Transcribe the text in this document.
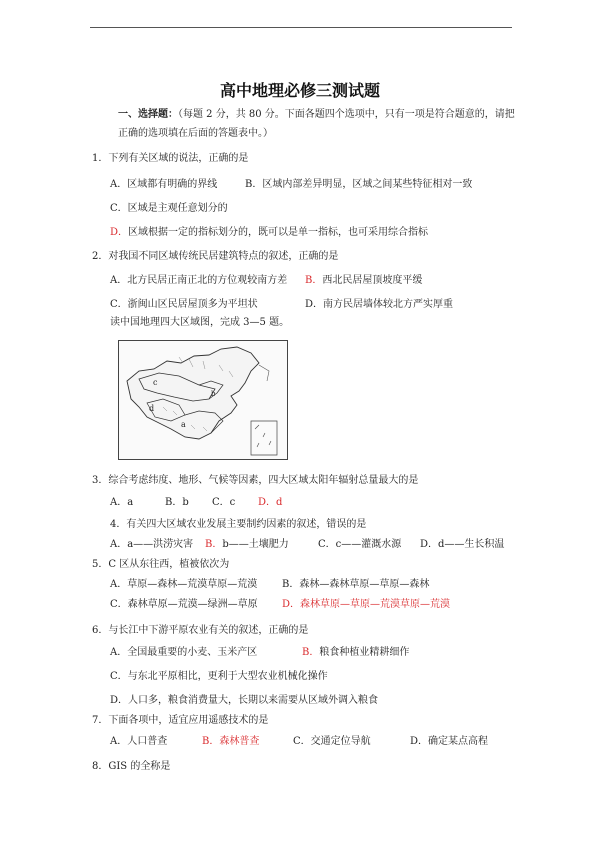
高中地理必修三测试题
一、选择题：（每题 2 分，共 80 分。下面各题四个选项中，只有一项是符合题意的，请把
正确的选项填在后面的答题表中。）
1．下列有关区域的说法，正确的是
A．区域都有明确的界线	B．区域内部差异明显，区域之间某些特征相对一致
C．区域是主观任意划分的
D．区域根据一定的指标划分的，既可以是单一指标，也可采用综合指标
2．对我国不同区域传统民居建筑特点的叙述，正确的是
A．北方民居正南正北的方位观较南方差 B．西北民居屋顶坡度平缓
C．浙闽山区民居屋顶多为平坦状	D．南方民居墙体较北方严实厚重
读中国地理四大区域图，完成 3—5 题。
c
b
d
a
3．综合考虑纬度、地形、气候等因素，四大区域太阳年辐射总量最大的是
A．a	B．b C．c D．d
4．有关四大区域农业发展主要制约因素的叙述，错误的是
A．a——洪涝灾害 B．b——土壤肥力	C．c——灌溉水源 D．d——生长积温
5．C 区从东往西，植被依次为
A．草原—森林—荒漠草原—荒漠 B．森林—森林草原—草原—森林
C．森林草原—荒漠—绿洲—草原 D．森林草原—草原—荒漠草原—荒漠
6．与长江中下游平原农业有关的叙述，正确的是
A．全国最重要的小麦、玉米产区	B．粮食种植业精耕细作
C．与东北平原相比，更利于大型农业机械化操作
D．人口多，粮食消费量大，长期以来需要从区域外调入粮食
7．下面各项中，适宜应用遥感技术的是
A．人口普查	B．森林普查	C．交通定位导航	D．确定某点高程
8．GIS 的全称是
